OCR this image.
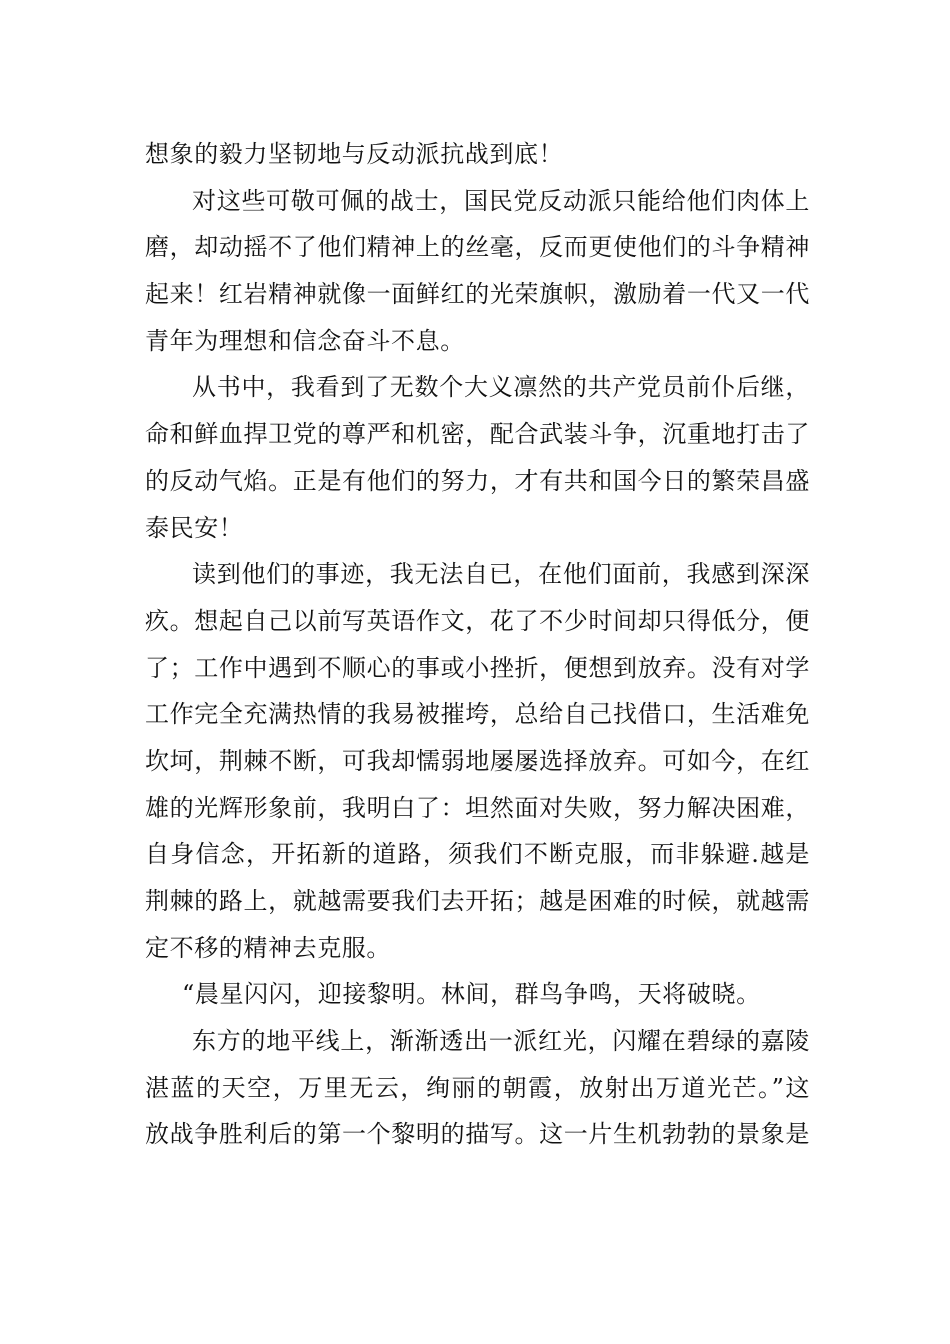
想象的毅力坚韧地与反动派抗战到底！
对这些可敬可佩的战士，国民党反动派只能给他们肉体上
磨，却动摇不了他们精神上的丝毫，反而更使他们的斗争精神
起来！红岩精神就像一面鲜红的光荣旗帜，激励着一代又一代
青年为理想和信念奋斗不息。
从书中，我看到了无数个大义凛然的共产党员前仆后继，
命和鲜血捍卫党的尊严和机密，配合武装斗争，沉重地打击了
的反动气焰。正是有他们的努力，才有共和国今日的繁荣昌盛
泰民安！
读到他们的事迹，我无法自已，在他们面前，我感到深深
疚。想起自己以前写英语作文，花了不少时间却只得低分，便
了；工作中遇到不顺心的事或小挫折，便想到放弃。没有对学
工作完全充满热情的我易被摧垮，总给自己找借口，生活难免
坎坷，荆棘不断，可我却懦弱地屡屡选择放弃。可如今，在红
雄的光辉形象前，我明白了：坦然面对失败，努力解决困难，
自身信念，开拓新的道路，须我们不断克服，而非躲避.越是
荆棘的路上，就越需要我们去开拓；越是困难的时候，就越需
定不移的精神去克服。
“晨星闪闪，迎接黎明。林间，群鸟争鸣，天将破晓。
东方的地平线上，渐渐透出一派红光，闪耀在碧绿的嘉陵
湛蓝的天空，万里无云，绚丽的朝霞，放射出万道光芒。”这
放战争胜利后的第一个黎明的描写。这一片生机勃勃的景象是
